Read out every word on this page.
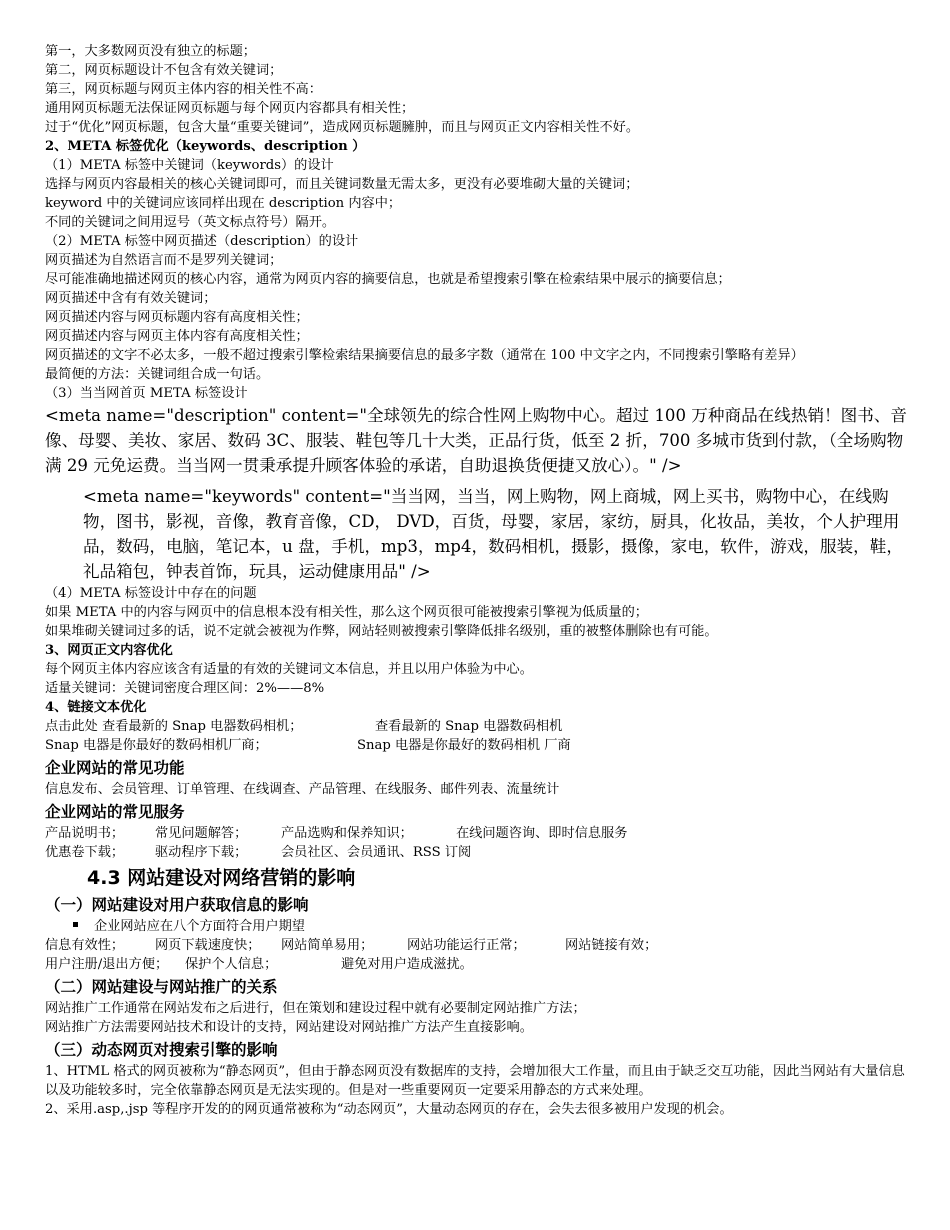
第一，大多数网页没有独立的标题；

第二，网页标题设计不包含有效关键词；

第三，网页标题与网页主体内容的相关性不高：

通用网页标题无法保证网页标题与每个网页内容都具有相关性；

过于“优化”网页标题，包含大量“重要关键词”，造成网页标题臃肿，而且与网页正文内容相关性不好。

2、META 标签优化（keywords、description ）

（1）META 标签中关键词（keywords）的设计

选择与网页内容最相关的核心关键词即可，而且关键词数量无需太多，更没有必要堆砌大量的关键词；

keyword 中的关键词应该同样出现在 description 内容中；

不同的关键词之间用逗号（英文标点符号）隔开。

（2）META 标签中网页描述（description）的设计

网页描述为自然语言而不是罗列关键词；

尽可能准确地描述网页的核心内容，通常为网页内容的摘要信息，也就是希望搜索引擎在检索结果中展示的摘要信息；

网页描述中含有有效关键词；

网页描述内容与网页标题内容有高度相关性；

网页描述内容与网页主体内容有高度相关性；

网页描述的文字不必太多，一般不超过搜索引擎检索结果摘要信息的最多字数（通常在 100 中文字之内，不同搜索引擎略有差异）

最简便的方法：关键词组合成一句话。

（3）当当网首页 META 标签设计

<meta name="description" content="全球领先的综合性网上购物中心。超过 100 万种商品在线热销！图书、音像、母婴、美妆、家居、数码 3C、服装、鞋包等几十大类，正品行货，低至 2 折，700 多城市货到付款，（全场购物满 29 元免运费。当当网一贯秉承提升顾客体验的承诺，自助退换货便捷又放心）。" />

<meta name="keywords" content="当当网，当当，网上购物，网上商城，网上买书，购物中心，在线购物，图书，影视，音像，教育音像，CD， DVD，百货，母婴，家居，家纺，厨具，化妆品，美妆，个人护理用品，数码，电脑，笔记本，u 盘，手机，mp3，mp4，数码相机，摄影，摄像，家电，软件，游戏，服装，鞋，礼品箱包，钟表首饰，玩具，运动健康用品" />

（4）META 标签设计中存在的问题

如果 META 中的内容与网页中的信息根本没有相关性，那么这个网页很可能被搜索引擎视为低质量的；

如果堆砌关键词过多的话，说不定就会被视为作弊，网站轻则被搜索引擎降低排名级别，重的被整体删除也有可能。

3、网页正文内容优化

每个网页主体内容应该含有适量的有效的关键词文本信息，并且以用户体验为中心。

适量关键词：关键词密度合理区间：2%——8%

4、链接文本优化

点击此处 查看最新的 Snap 电器数码相机；	查看最新的 Snap 电器数码相机

Snap 电器是你最好的数码相机厂商；	Snap 电器是你最好的数码相机 厂商

企业网站的常见功能

信息发布、会员管理、订单管理、在线调查、产品管理、在线服务、邮件列表、流量统计

企业网站的常见服务

产品说明书； 常见问题解答；	产品选购和保养知识；	在线问题咨询、即时信息服务

优惠卷下载； 驱动程序下载；	会员社区、会员通讯、RSS 订阅

4.3 网站建设对网络营销的影响

（一）网站建设对用户获取信息的影响

企业网站应在八个方面符合用户期望

信息有效性； 网页下载速度快； 网站简单易用；	网站功能运行正常；	网站链接有效；

用户注册/退出方便； 保护个人信息；	避免对用户造成滋扰。

（二）网站建设与网站推广的关系

网站推广工作通常在网站发布之后进行，但在策划和建设过程中就有必要制定网站推广方法；

网站推广方法需要网站技术和设计的支持，网站建设对网站推广方法产生直接影响。

（三）动态网页对搜索引擎的影响

1、HTML 格式的网页被称为“静态网页”，但由于静态网页没有数据库的支持，会增加很大工作量，而且由于缺乏交互功能，因此当网站有大量信息以及功能较多时，完全依靠静态网页是无法实现的。但是对一些重要网页一定要采用静态的方式来处理。

2、采用.asp,.jsp 等程序开发的的网页通常被称为“动态网页”，大量动态网页的存在，会失去很多被用户发现的机会。
